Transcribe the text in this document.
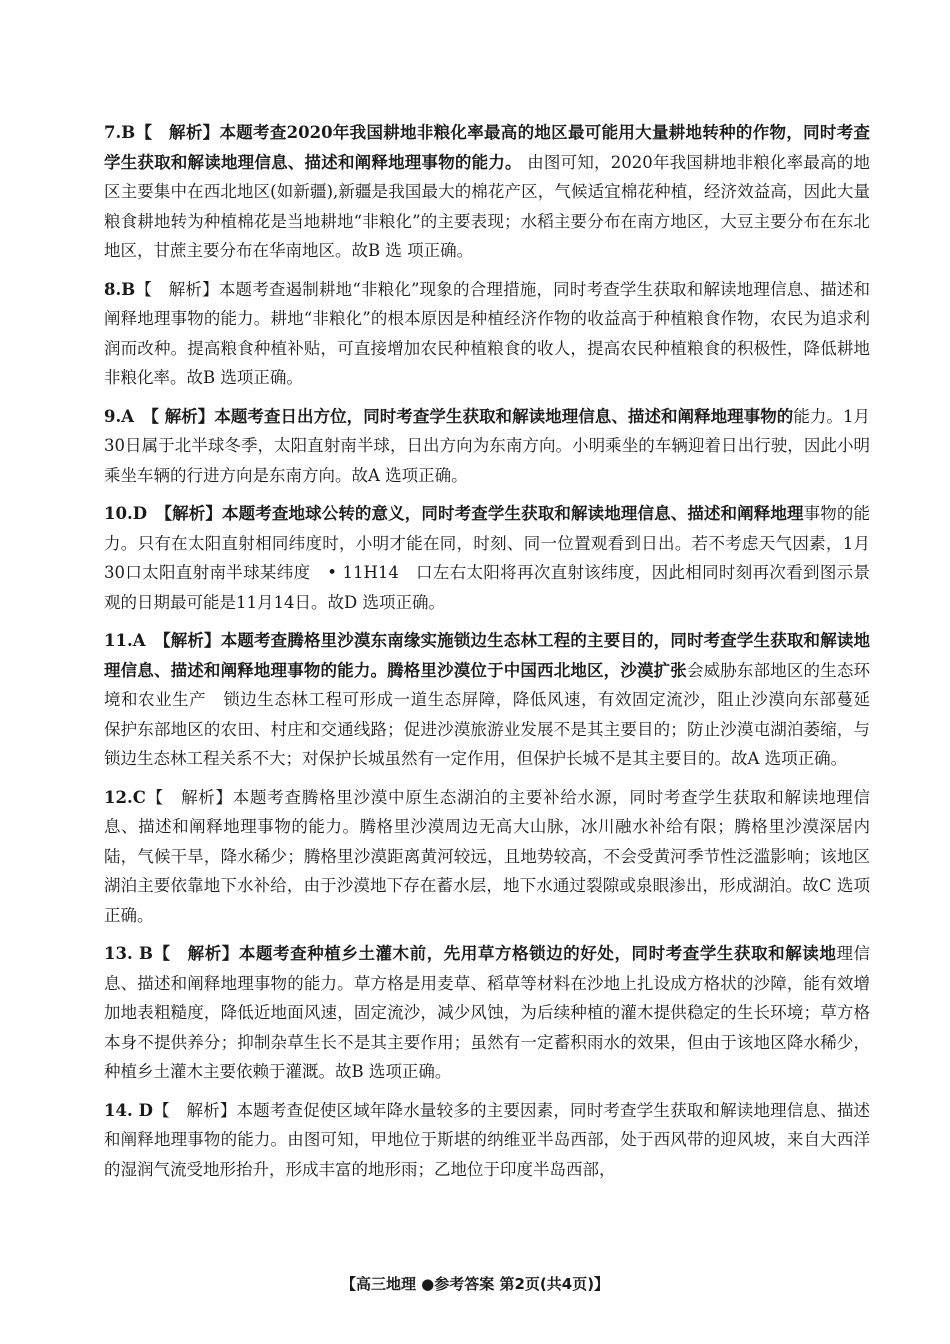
7.B【　解析】本题考查2020年我国耕地非粮化率最高的地区最可能用大量耕地转种的作物，同时考查学生获取和解读地理信息、描述和阐释地理事物的能力。 由图可知，2020年我国耕地非粮化率最高的地区主要集中在西北地区(如新疆),新疆是我国最大的棉花产区，气候适宜棉花种植，经济效益高，因此大量粮食耕地转为种植棉花是当地耕地“非粮化”的主要表现；水稻主要分布在南方地区，大豆主要分布在东北地区，甘蔗主要分布在华南地区。故B 选 项正确。

8.B【　解析】本题考查遏制耕地“非粮化”现象的合理措施，同时考查学生获取和解读地理信息、描述和阐释地理事物的能力。耕地“非粮化”的根本原因是种植经济作物的收益高于种植粮食作物，农民为追求利润而改种。提高粮食种植补贴，可直接增加农民种植粮食的收人，提高农民种植粮食的积极性，降低耕地非粮化率。故B 选项正确。

9.A　【 解析】本题考查日出方位，同时考查学生获取和解读地理信息、描述和阐释地理事物的能力。1月30日属于北半球冬季，太阳直射南半球，日出方向为东南方向。小明乘坐的车辆迎着日出行驶，因此小明乘坐车辆的行进方向是东南方向。故A 选项正确。

10.D　【解析】本题考查地球公转的意义，同时考查学生获取和解读地理信息、描述和阐释地理事物的能力。只有在太阳直射相同纬度时，小明才能在同，时刻、同一位置观看到日出。若不考虑天气因素，1月30口太阳直射南半球某纬度　• 11H14　口左右太阳将再次直射该纬度，因此相同时刻再次看到图示景观的日期最可能是11月14日。故D 选项正确。

11.A　【解析】本题考查腾格里沙漠东南缘实施锁边生态林工程的主要目的，同时考查学生获取和解读地理信息、描述和阐释地理事物的能力。腾格里沙漠位于中国西北地区，沙漠扩张会威胁东部地区的生态环境和农业生产　锁边生态林工程可形成一道生态屏障，降低风速，有效固定流沙，阻止沙漠向东部蔓延　保护东部地区的农田、村庄和交通线路；促进沙漠旅游业发展不是其主要目的；防止沙漠屯湖泊萎缩，与锁边生态林工程关系不大；对保护长城虽然有一定作用，但保护长城不是其主要目的。故A 选项正确。

12.C【　解析】本题考查腾格里沙漠中原生态湖泊的主要补给水源，同时考查学生获取和解读地理信息、描述和阐释地理事物的能力。腾格里沙漠周边无高大山脉，冰川融水补给有限；腾格里沙漠深居内陆，气候干旱，降水稀少；腾格里沙漠距离黄河较远，且地势较高，不会受黄河季节性泛滥影响；该地区湖泊主要依靠地下水补给，由于沙漠地下存在蓄水层，地下水通过裂隙或泉眼渗出，形成湖泊。故C 选项正确。

13. B【　解析】本题考查种植乡土灌木前，先用草方格锁边的好处，同时考查学生获取和解读地理信息、描述和阐释地理事物的能力。草方格是用麦草、稻草等材料在沙地上扎设成方格状的沙障，能有效增加地表粗糙度，降低近地面风速，固定流沙，减少风蚀，为后续种植的灌木提供稳定的生长环境；草方格本身不提供养分；抑制杂草生长不是其主要作用；虽然有一定蓄积雨水的效果，但由于该地区降水稀少，种植乡土灌木主要依赖于灌溉。故B 选项正确。

14. D【　解析】本题考查促使区域年降水量较多的主要因素，同时考查学生获取和解读地理信息、描述和阐释地理事物的能力。由图可知，甲地位于斯堪的纳维亚半岛西部，处于西风带的迎风坡，来自大西洋的湿润气流受地形抬升，形成丰富的地形雨；乙地位于印度半岛西部，

【高三地理 ●参考答案 第2页(共4页)】
